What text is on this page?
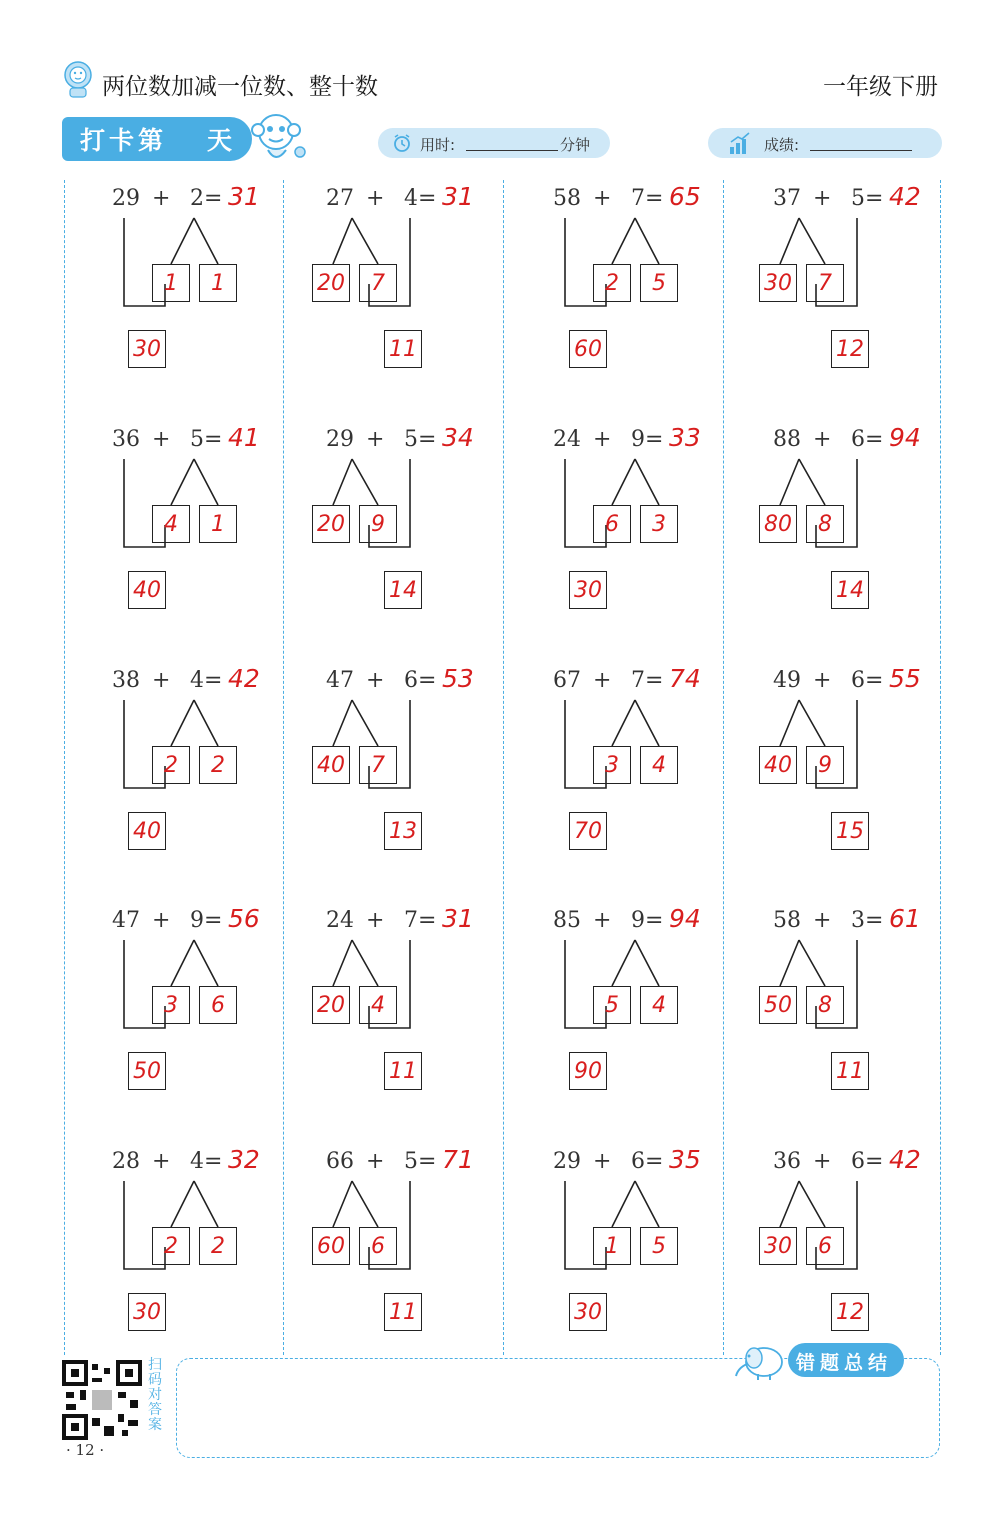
两位数加减一位数、整十数	一年级下册
打卡第 天	用时:	分钟	成绩:
29 + 2 = 31
1 1
30
27 + 4 = 31
20 7
11
58 + 7 = 65
2 5
60
37 + 5 = 42
30 7
12
36 + 5 = 41
4 1
40
29 + 5 = 34
20 9
14
24 + 9 = 33
6 3
30
88 + 6 = 94
80 8
14
38 + 4 = 42
2 2
40
47 + 6 = 53
40 7
13
67 + 7 = 74
3 4
70
49 + 6 = 55
40 9
15
47 + 9 = 56
3 6
50
24 + 7 = 31
20 4
11
85 + 9 = 94
5 4
90
58 + 3 = 61
50 8
11
28 + 4 = 32
2 2
30
66 + 5 = 71
60 6
11
29 + 6 = 35
1 5
30
36 + 6 = 42
30 6
12
扫码对答案
· 12 ·
错题总结
